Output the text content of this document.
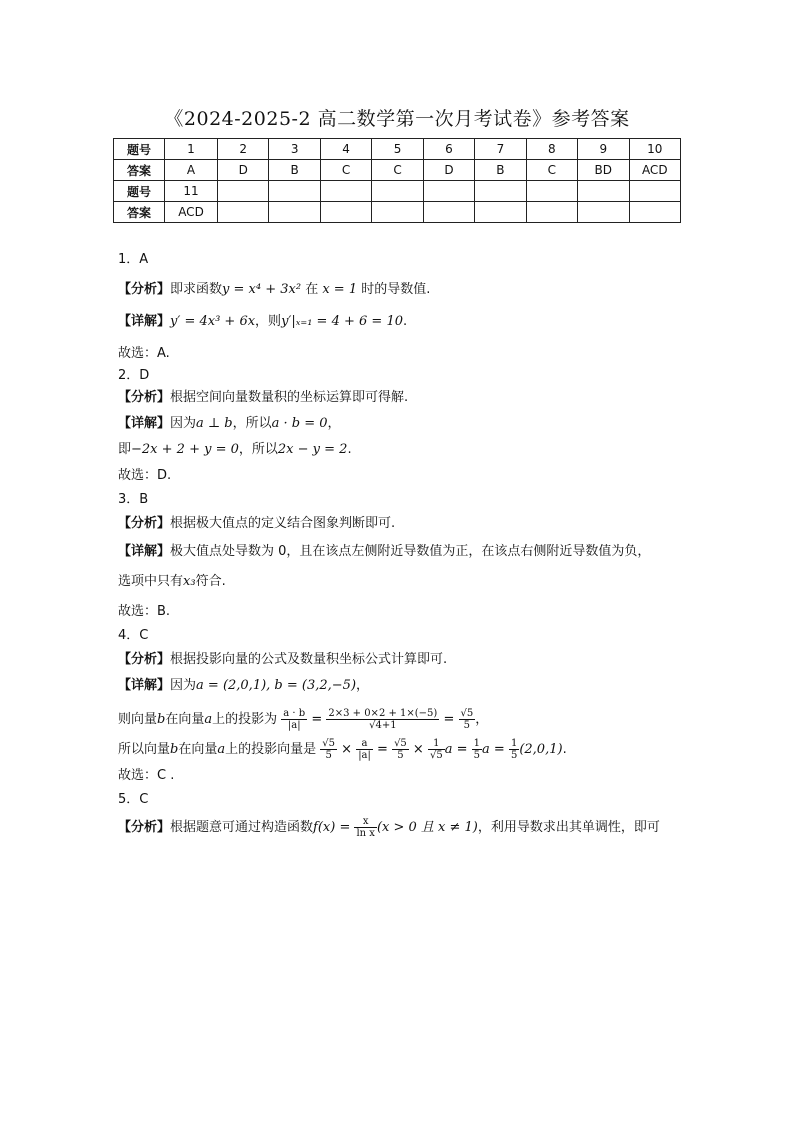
《2024-2025-2 高二数学第一次月考试卷》参考答案
题号	1	2	3	4	5	6	7	8	9	10
答案	A	D	B	C	C	D	B	C	BD	ACD
题号	11									
答案	ACD									

1．A

【分析】即求函数y = x⁴ + 3x² 在 x = 1 时的导数值.

【详解】y′ = 4x³ + 6x，则y′|ₓ₌₁ = 4 + 6 = 10.

故选：A.

2．D

【分析】根据空间向量数量积的坐标运算即可得解.

【详解】因为a ⊥ b，所以a · b = 0，

即−2x + 2 + y = 0，所以2x − y = 2.

故选：D.

3．B

【分析】根据极大值点的定义结合图象判断即可.

【详解】极大值点处导数为 0，且在该点左侧附近导数值为正，在该点右侧附近导数值为负，

选项中只有x₃符合.

故选：B.

4．C

【分析】根据投影向量的公式及数量积坐标公式计算即可.

【详解】因为a = (2,0,1), b = (3,2,−5)，

则向量b在向量a上的投影为 $\frac{a \cdot b}{|a|} = \frac{2\times 3 + 0\times 2 + 1\times(-5)}{√4+1} = \frac{√5}{5}$ ，

所以向量b在向量a上的投影向量是 $\frac{√5}{5} \times \frac{a}{|a|} = \frac{√5}{5} \times \frac{1}{√5}$ $a = \frac{1}{5}$ $a = \frac{1}{5} (2,0,1)$.

故选：C .

5．C

【分析】根据题意可通过构造函数$f(x) = \frac{x}{\text{ln x}} (x > 0$ 且 x ≠ 1)，利用导数求出其单调性，即可
